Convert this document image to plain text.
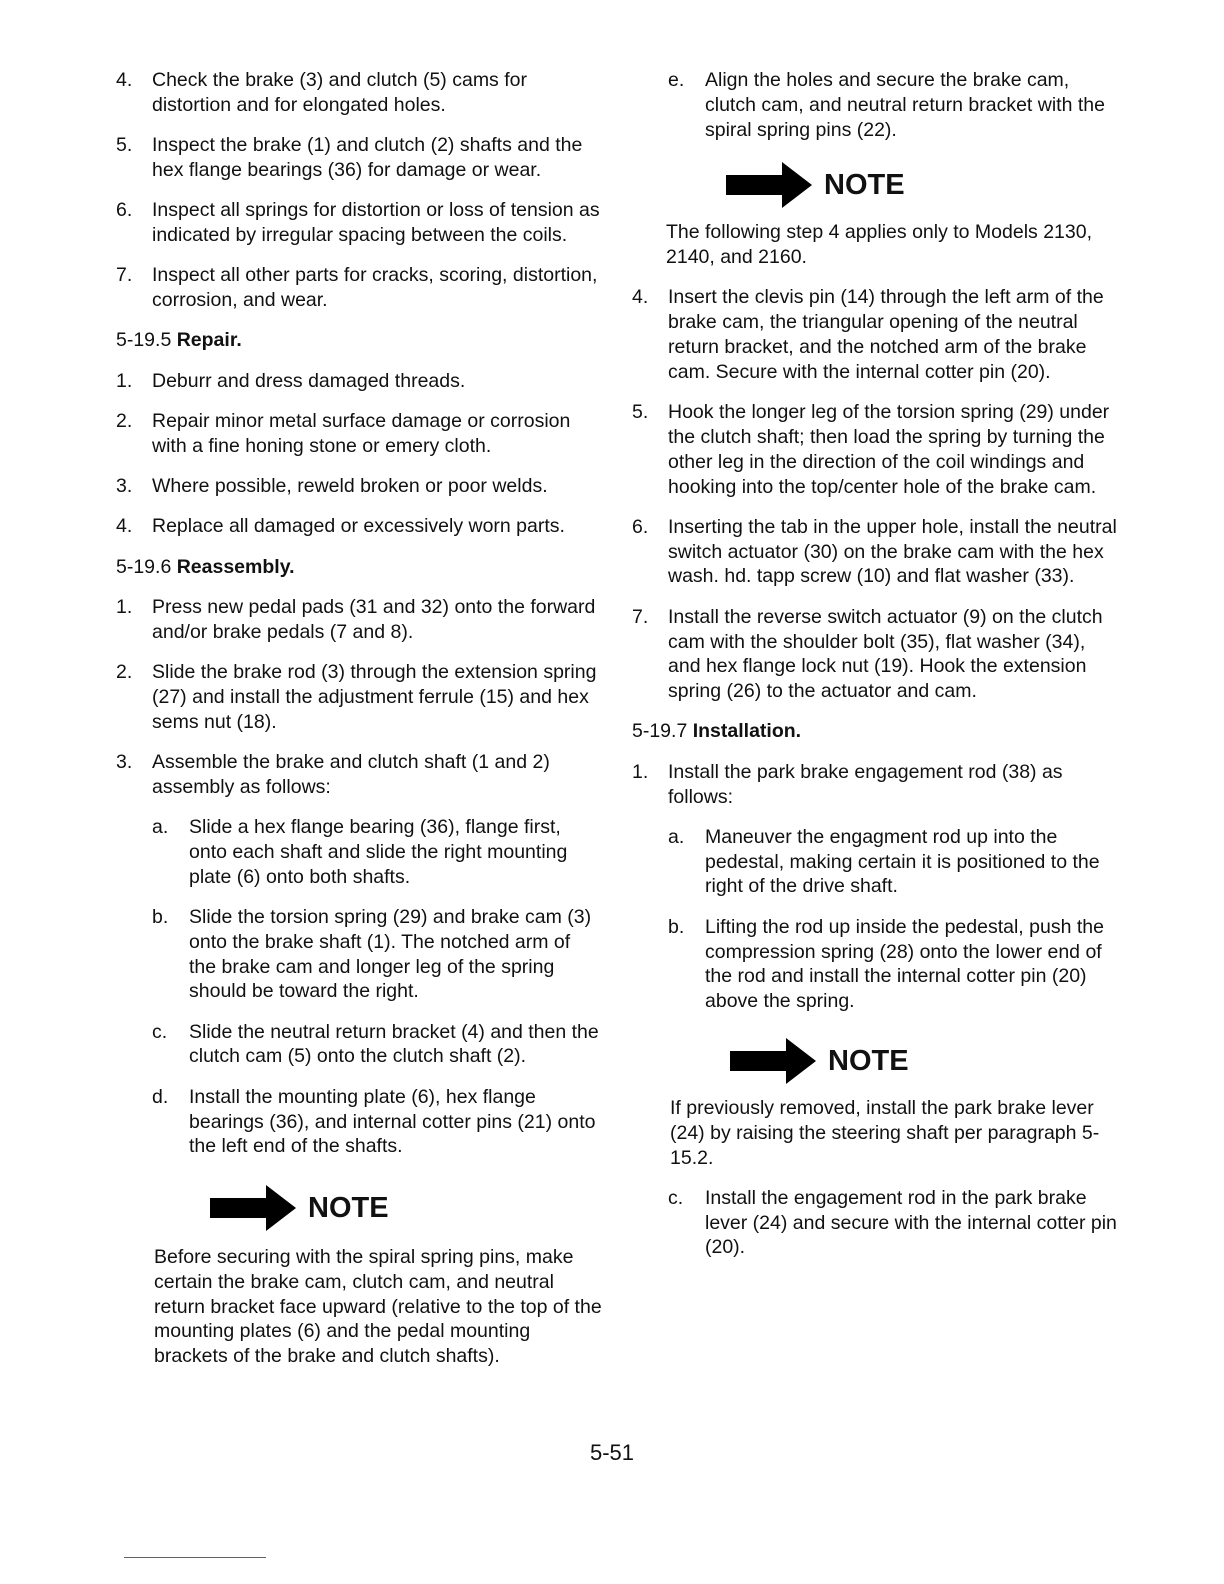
4.	Check the brake (3) and clutch (5) cams for distortion and for elongated holes.
5.	Inspect the brake (1) and clutch (2) shafts and the hex flange bearings (36) for damage or wear.
6.	Inspect all springs for distortion or loss of tension as indicated by irregular spacing between the coils.
7.	Inspect all other parts for cracks, scoring, distortion, corrosion, and wear.
5-19.5 Repair.
1.	Deburr and dress damaged threads.
2.	Repair minor metal surface damage or corrosion with a fine honing stone or emery cloth.
3.	Where possible, reweld broken or poor welds.
4.	Replace all damaged or excessively worn parts.
5-19.6 Reassembly.
1.	Press new pedal pads (31 and 32) onto the forward and/or brake pedals (7 and 8).
2.	Slide the brake rod (3) through the extension spring (27) and install the adjustment ferrule (15) and hex sems nut (18).
3.	Assemble the brake and clutch shaft (1 and 2) assembly as follows:
a.	Slide a hex flange bearing (36), flange first, onto each shaft and slide the right mounting plate (6) onto both shafts.
b.	Slide the torsion spring (29) and brake cam (3) onto the brake shaft (1). The notched arm of the brake cam and longer leg of the spring should be toward the right.
c.	Slide the neutral return bracket (4) and then the clutch cam (5) onto the clutch shaft (2).
d.	Install the mounting plate (6), hex flange bearings (36), and internal cotter pins (21) onto the left end of the shafts.
NOTE
Before securing with the spiral spring pins, make certain the brake cam, clutch cam, and neutral return bracket face upward (relative to the top of the mounting plates (6) and the pedal mounting brackets of the brake and clutch shafts).
e.	Align the holes and secure the brake cam, clutch cam, and neutral return bracket with the spiral spring pins (22).
NOTE
The following step 4 applies only to Models 2130, 2140, and 2160.
4.	Insert the clevis pin (14) through the left arm of the brake cam, the triangular opening of the neutral return bracket, and the notched arm of the brake cam. Secure with the internal cotter pin (20).
5.	Hook the longer leg of the torsion spring (29) under the clutch shaft; then load the spring by turning the other leg in the direction of the coil windings and hooking into the top/center hole of the brake cam.
6.	Inserting the tab in the upper hole, install the neutral switch actuator (30) on the brake cam with the hex wash. hd. tapp screw (10) and flat washer (33).
7.	Install the reverse switch actuator (9) on the clutch cam with the shoulder bolt (35), flat washer (34), and hex flange lock nut (19). Hook the extension spring (26) to the actuator and cam.
5-19.7 Installation.
1.	Install the park brake engagement rod (38) as follows:
a.	Maneuver the engagment rod up into the pedestal, making certain it is positioned to the right of the drive shaft.
b.	Lifting the rod up inside the pedestal, push the compression spring (28) onto the lower end of the rod and install the internal cotter pin (20) above the spring.
NOTE
If previously removed, install the park brake lever (24) by raising the steering shaft per paragraph 5-15.2.
c.	Install the engagement rod in the park brake lever (24) and secure with the internal cotter pin (20).
5-51
